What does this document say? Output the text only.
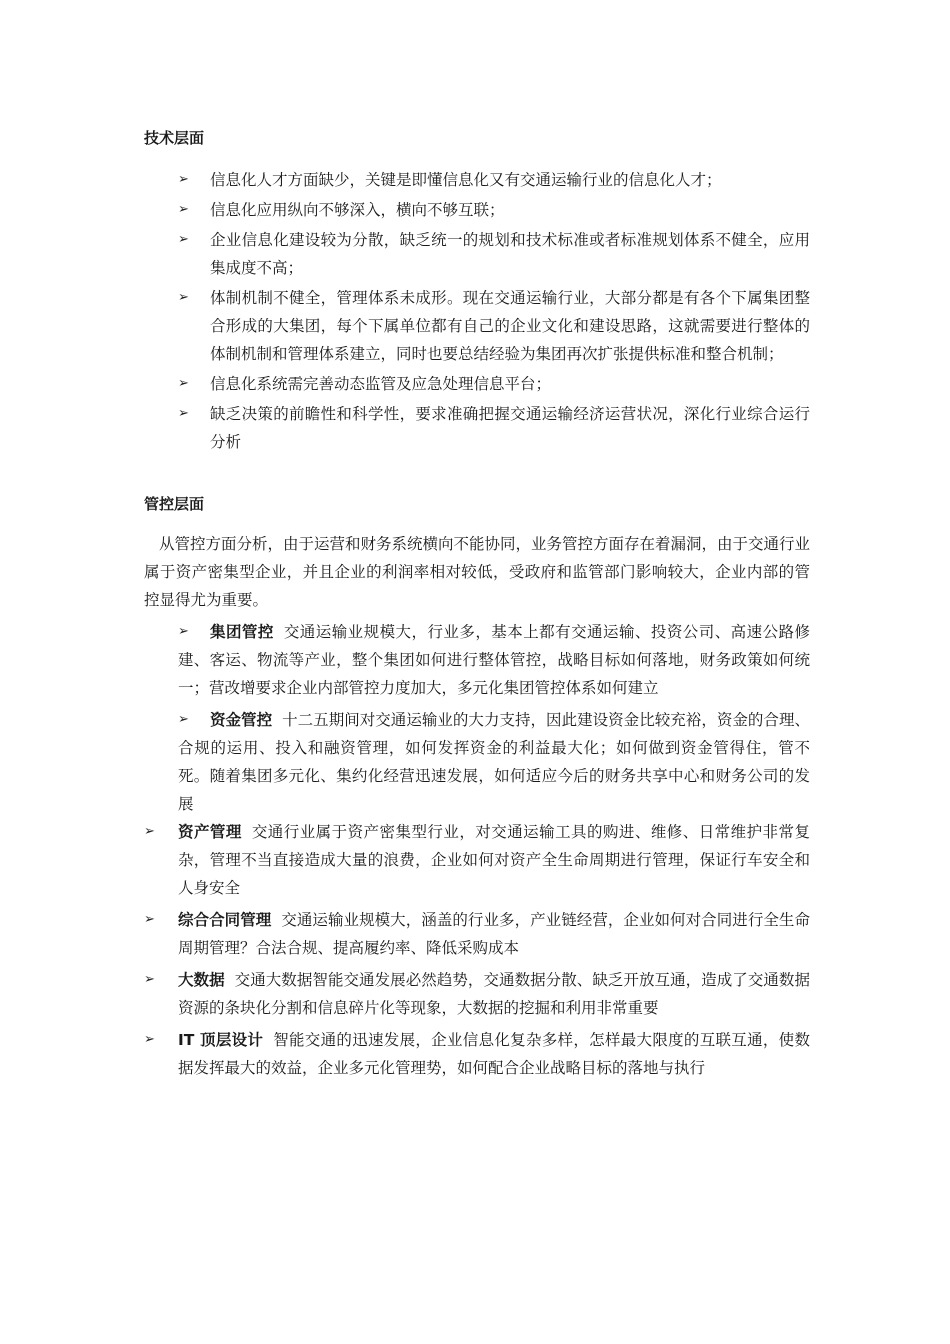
技术层面
➢ 信息化人才方面缺少，关键是即懂信息化又有交通运输行业的信息化人才；
➢ 信息化应用纵向不够深入，横向不够互联；
➢ 企业信息化建设较为分散，缺乏统一的规划和技术标准或者标准规划体系不健全，应用集成度不高；
➢ 体制机制不健全，管理体系未成形。现在交通运输行业，大部分都是有各个下属集团整合形成的大集团，每个下属单位都有自己的企业文化和建设思路，这就需要进行整体的体制机制和管理体系建立，同时也要总结经验为集团再次扩张提供标准和整合机制；
➢ 信息化系统需完善动态监管及应急处理信息平台；
➢ 缺乏决策的前瞻性和科学性，要求准确把握交通运输经济运营状况，深化行业综合运行分析
管控层面

从管控方面分析，由于运营和财务系统横向不能协同，业务管控方面存在着漏洞，由于交通行业属于资产密集型企业，并且企业的利润率相对较低，受政府和监管部门影响较大，企业内部的管控显得尤为重要。

➢ 集团管控 交通运输业规模大，行业多，基本上都有交通运输、投资公司、高速公路修建、客运、物流等产业，整个集团如何进行整体管控，战略目标如何落地，财务政策如何统一；营改增要求企业内部管控力度加大，多元化集团管控体系如何建立
➢ 资金管控 十二五期间对交通运输业的大力支持，因此建设资金比较充裕，资金的合理、合规的运用、投入和融资管理，如何发挥资金的利益最大化；如何做到资金管得住，管不死。随着集团多元化、集约化经营迅速发展，如何适应今后的财务共享中心和财务公司的发展
➢ 资产管理 交通行业属于资产密集型行业，对交通运输工具的购进、维修、日常维护非常复杂，管理不当直接造成大量的浪费，企业如何对资产全生命周期进行管理，保证行车安全和人身安全
➢ 综合合同管理 交通运输业规模大，涵盖的行业多，产业链经营，企业如何对合同进行全生命周期管理？合法合规、提高履约率、降低采购成本
➢ 大数据 交通大数据智能交通发展必然趋势，交通数据分散、缺乏开放互通，造成了交通数据资源的条块化分割和信息碎片化等现象，大数据的挖掘和利用非常重要
➢ IT 顶层设计 智能交通的迅速发展，企业信息化复杂多样，怎样最大限度的互联互通，使数据发挥最大的效益，企业多元化管理势，如何配合企业战略目标的落地与执行
